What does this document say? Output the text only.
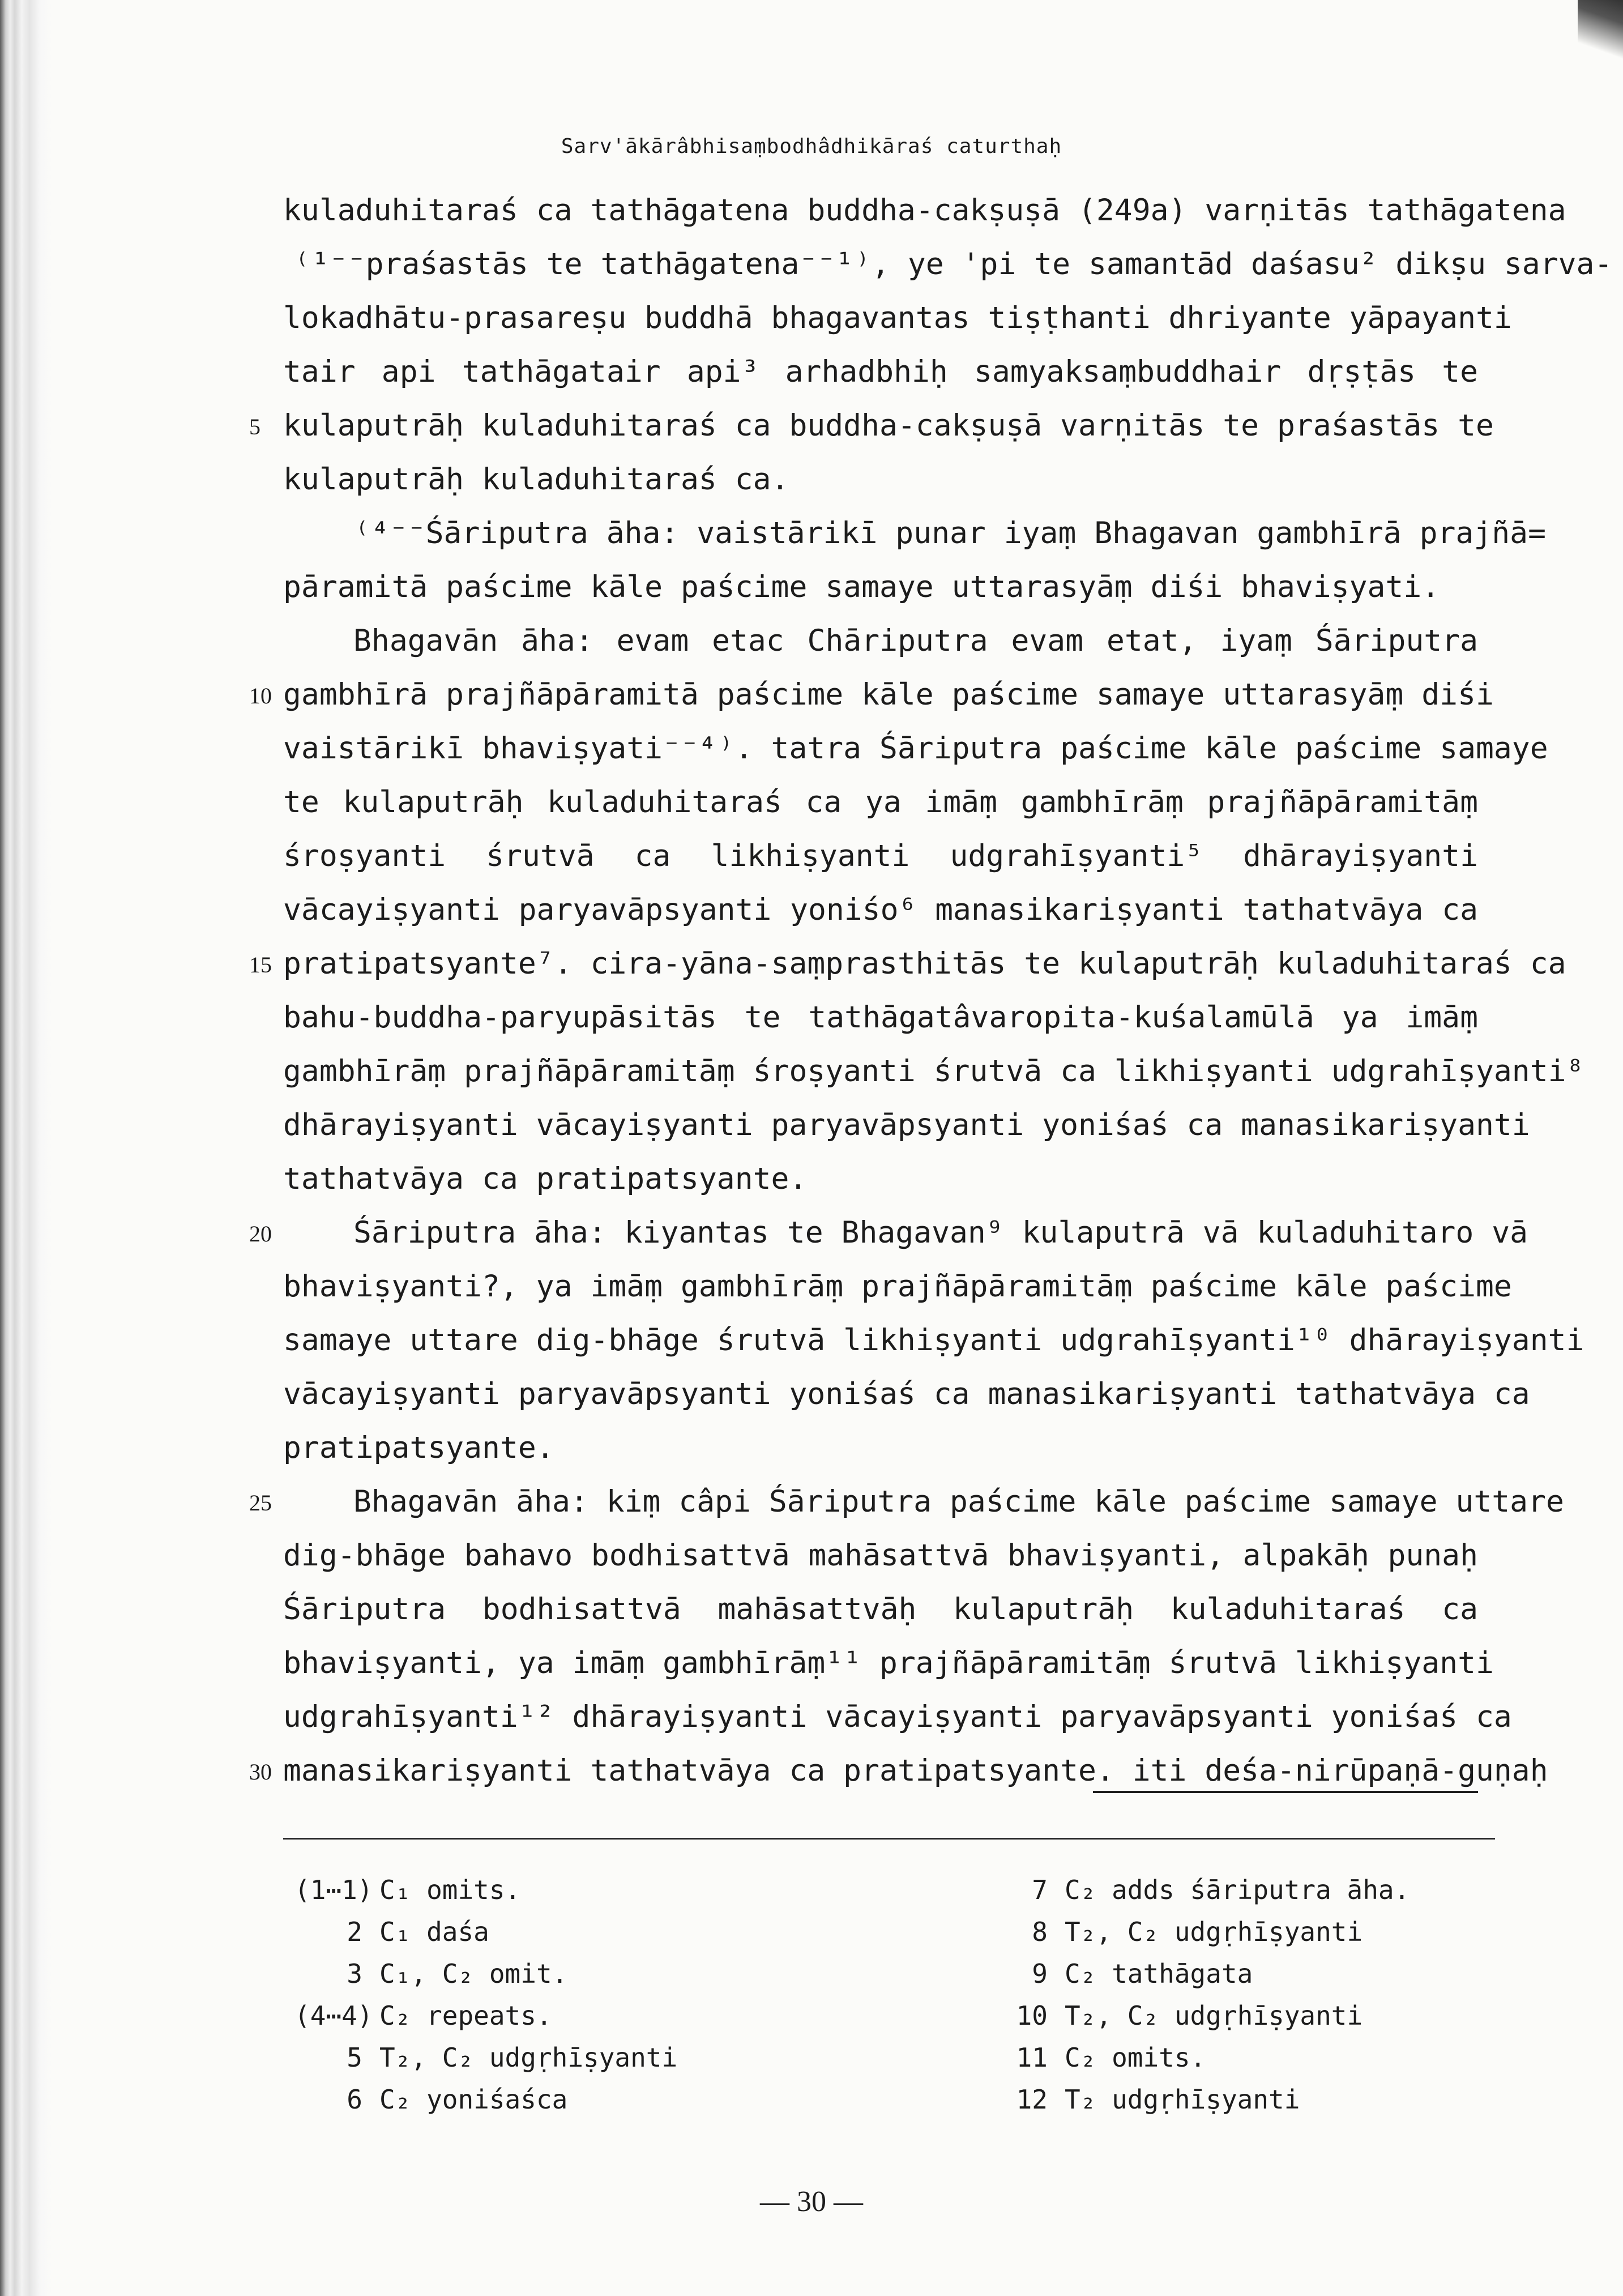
Sarv'ākārâbhisaṃbodhâdhikāraś caturthaḥ
kuladuhitaraś ca tathāgatena buddha-cakṣuṣā (249a) varṇitās tathāgatena
⁽¹⁻⁻praśastās te tathāgatena⁻⁻¹⁾, ye 'pi te samantād daśasu² dikṣu sarva-
lokadhātu-prasareṣu buddhā bhagavantas tiṣṭhanti dhriyante yāpayanti
tair api tathāgatair api³ arhadbhiḥ samyaksaṃbuddhair dṛṣṭās te
kulaputrāḥ kuladuhitaraś ca buddha-cakṣuṣā varṇitās te praśastās te
kulaputrāḥ kuladuhitaraś ca.
⁽⁴⁻⁻Śāriputra āha: vaistārikī punar iyaṃ Bhagavan gambhīrā prajñā=
pāramitā paścime kāle paścime samaye uttarasyāṃ diśi bhaviṣyati.
Bhagavān āha: evam etac Chāriputra evam etat, iyaṃ Śāriputra
gambhīrā prajñāpāramitā paścime kāle paścime samaye uttarasyāṃ diśi
vaistārikī bhaviṣyati⁻⁻⁴⁾. tatra Śāriputra paścime kāle paścime samaye
te kulaputrāḥ kuladuhitaraś ca ya imāṃ gambhīrāṃ prajñāpāramitāṃ
śroṣyanti śrutvā ca likhiṣyanti udgrahīṣyanti⁵ dhārayiṣyanti
vācayiṣyanti paryavāpsyanti yoniśo⁶ manasikariṣyanti tathatvāya ca
pratipatsyante⁷. cira-yāna-saṃprasthitās te kulaputrāḥ kuladuhitaraś ca
bahu-buddha-paryupāsitās te tathāgatâvaropita-kuśalamūlā ya imāṃ
gambhīrāṃ prajñāpāramitāṃ śroṣyanti śrutvā ca likhiṣyanti udgrahīṣyanti⁸
dhārayiṣyanti vācayiṣyanti paryavāpsyanti yoniśaś ca manasikariṣyanti
tathatvāya ca pratipatsyante.
Śāriputra āha: kiyantas te Bhagavan⁹ kulaputrā vā kuladuhitaro vā
bhaviṣyanti?, ya imāṃ gambhīrāṃ prajñāpāramitāṃ paścime kāle paścime
samaye uttare dig-bhāge śrutvā likhiṣyanti udgrahīṣyanti¹⁰ dhārayiṣyanti
vācayiṣyanti paryavāpsyanti yoniśaś ca manasikariṣyanti tathatvāya ca
pratipatsyante.
Bhagavān āha: kiṃ câpi Śāriputra paścime kāle paścime samaye uttare
dig-bhāge bahavo bodhisattvā mahāsattvā bhaviṣyanti, alpakāḥ punaḥ
Śāriputra bodhisattvā mahāsattvāḥ kulaputrāḥ kuladuhitaraś ca
bhaviṣyanti, ya imāṃ gambhīrāṃ¹¹ prajñāpāramitāṃ śrutvā likhiṣyanti
udgrahīṣyanti¹² dhārayiṣyanti vācayiṣyanti paryavāpsyanti yoniśaś ca
manasikariṣyanti tathatvāya ca pratipatsyante. iti deśa-nirūpaṇā-guṇaḥ
5
10
15
20
25
30
(1⋯1) C₁ omits.
2 C₁ daśa
3 C₁, C₂ omit.
(4⋯4) C₂ repeats.
5 T₂, C₂ udgṛhīṣyanti
6 C₂ yoniśaśca
7 C₂ adds śāriputra āha.
8 T₂, C₂ udgṛhīṣyanti
9 C₂ tathāgata
10 T₂, C₂ udgṛhīṣyanti
11 C₂ omits.
12 T₂ udgṛhīṣyanti
— 30 —
